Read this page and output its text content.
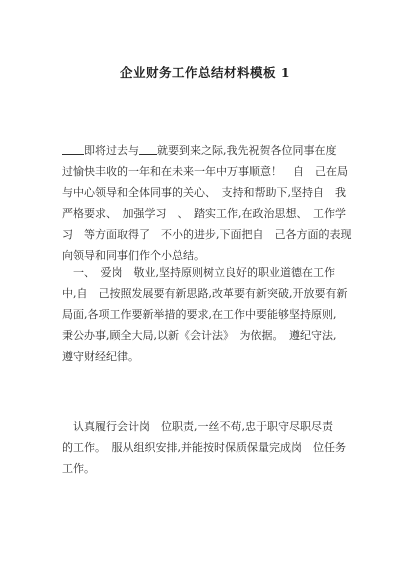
企业财务工作总结材料模板 1
即将过去与 就要到来之际,我先祝贺各位同事在度
过愉快丰收的一年和在未来一年中万事顺意！　自　己在局
与中心领导和全体同事的关心、　支持和帮助下,坚持自　我
严格要求、　加强学习　、　踏实工作,在政治思想、　工作学
习　等方面取得了　不小的进步,下面把自　己各方面的表现
向领导和同事们作个小总结。
　一、　爱岗　敬业,坚持原则树立良好的职业道德在工作
中,自　己按照发展要有新思路,改革要有新突破,开放要有新
局面,各项工作要新举措的要求,在工作中要能够坚持原则,
秉公办事,顾全大局,以新《会计法》　为依据。　遵纪守法,
遵守财经纪律。
　认真履行会计岗　位职责,一丝不苟,忠于职守尽职尽责
的工作。　服从组织安排,并能按时保质保量完成岗　位任务
工作。
